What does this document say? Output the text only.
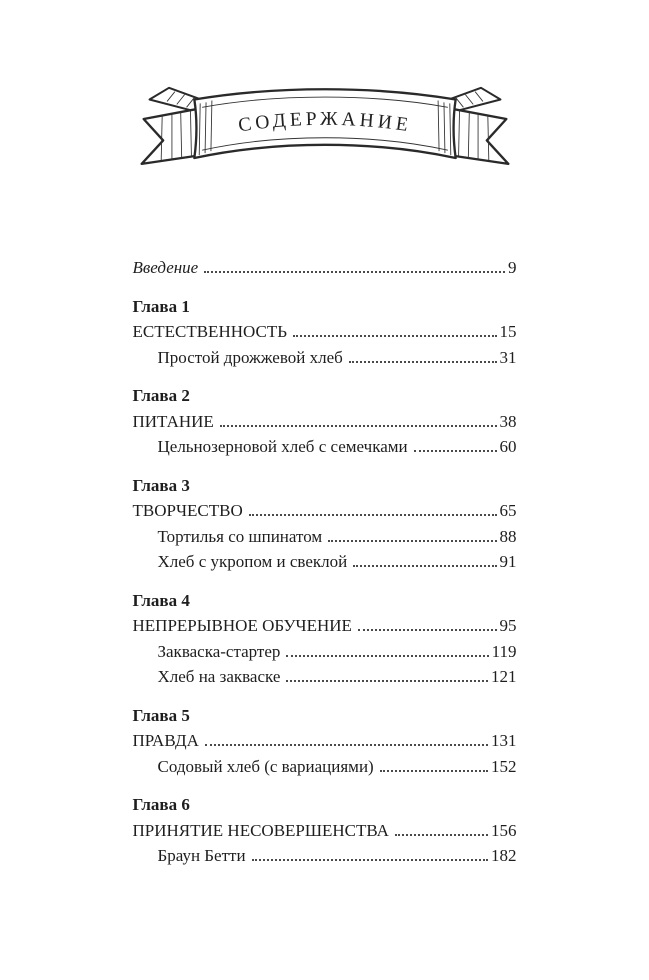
СОДЕРЖАНИЕ
Введение	9
Глава 1
ЕСТЕСТВЕННОСТЬ	15
Простой дрожжевой хлеб	31
Глава 2
ПИТАНИЕ	38
Цельнозерновой хлеб с семечками	60
Глава 3
ТВОРЧЕСТВО	65
Тортилья со шпинатом	88
Хлеб с укропом и свеклой	91
Глава 4
НЕПРЕРЫВНОЕ ОБУЧЕНИЕ	95
Закваска-стартер	119
Хлеб на закваске	121
Глава 5
ПРАВДА	131
Содовый хлеб (с вариациями)	152
Глава 6
ПРИНЯТИЕ НЕСОВЕРШЕНСТВА	156
Браун Бетти	182
